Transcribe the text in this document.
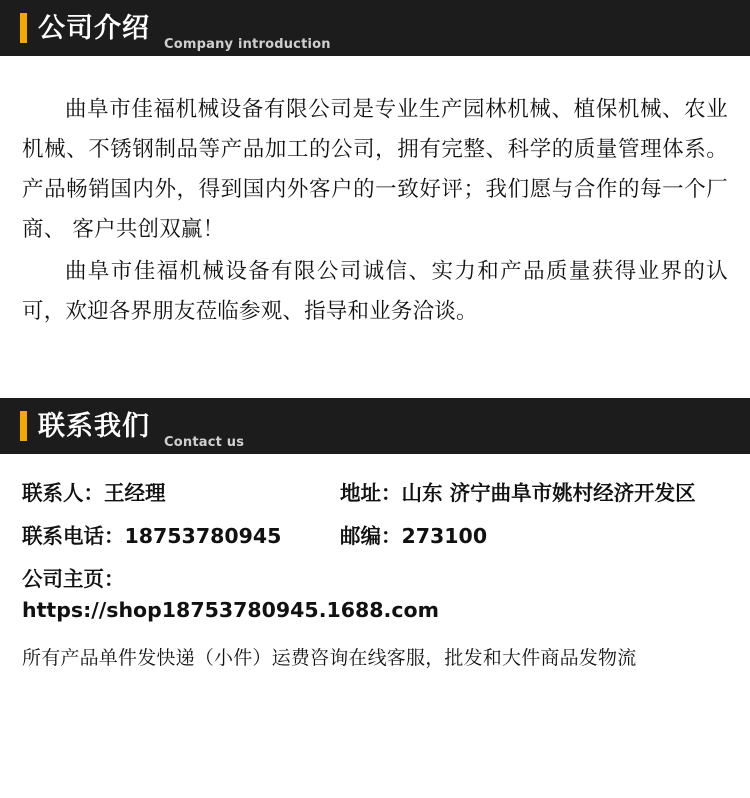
公司介绍
Company introduction

曲阜市佳福机械设备有限公司是专业生产园林机械、植保机械、农业机械、不锈钢制品等产品加工的公司，拥有完整、科学的质量管理体系。产品畅销国内外，得到国内外客户的一致好评；我们愿与合作的每一个厂商、 客户共创双赢！

曲阜市佳福机械设备有限公司诚信、实力和产品质量获得业界的认可，欢迎各界朋友莅临参观、指导和业务洽谈。

联系我们
Contact us
联系人：王经理	地址：山东 济宁曲阜市姚村经济开发区
联系电话：18753780945	邮编：273100
公司主页：
https://shop18753780945.1688.com
所有产品单件发快递（小件）运费咨询在线客服，批发和大件商品发物流
